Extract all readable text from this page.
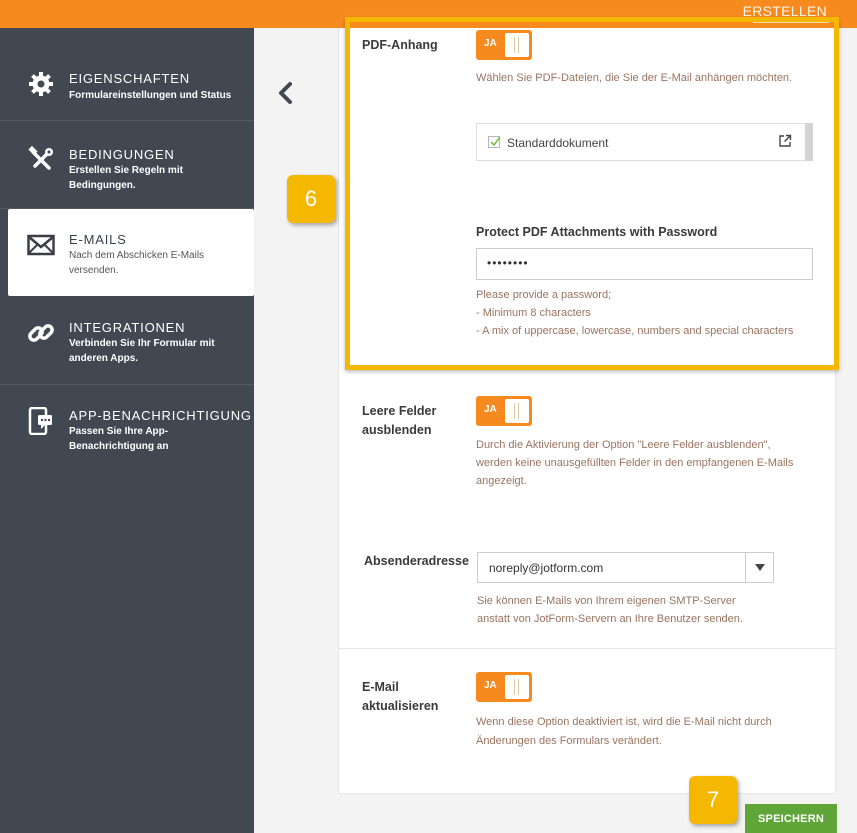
ERSTELLEN
EIGENSCHAFTEN
Formulareinstellungen und Status
BEDINGUNGEN
Erstellen Sie Regeln mit Bedingungen.
E-MAILS
Nach dem Abschicken E-Mails versenden.
INTEGRATIONEN
Verbinden Sie Ihr Formular mit anderen Apps.
APP-BENACHRICHTIGUNG
Passen Sie Ihre App-Benachrichtigung an
PDF-Anhang	JA
Wählen Sie PDF-Dateien, die Sie der E-Mail anhängen möchten.
Standarddokument
Protect PDF Attachments with Password
••••••••
Please provide a password;
- Minimum 8 characters
- A mix of uppercase, lowercase, numbers and special characters
Leere Felder
ausblenden
JA
Durch die Aktivierung der Option "Leere Felder ausblenden",
werden keine unausgefüllten Felder in den empfangenen E-Mails
angezeigt.
Absenderadresse noreply@jotform.com
Sie können E-Mails von Ihrem eigenen SMTP-Server
anstatt von JotForm-Servern an Ihre Benutzer senden.
E-Mail
aktualisieren
JA
Wenn diese Option deaktiviert ist, wird die E-Mail nicht durch
Änderungen des Formulars verändert.
6
7
SPEICHERN
